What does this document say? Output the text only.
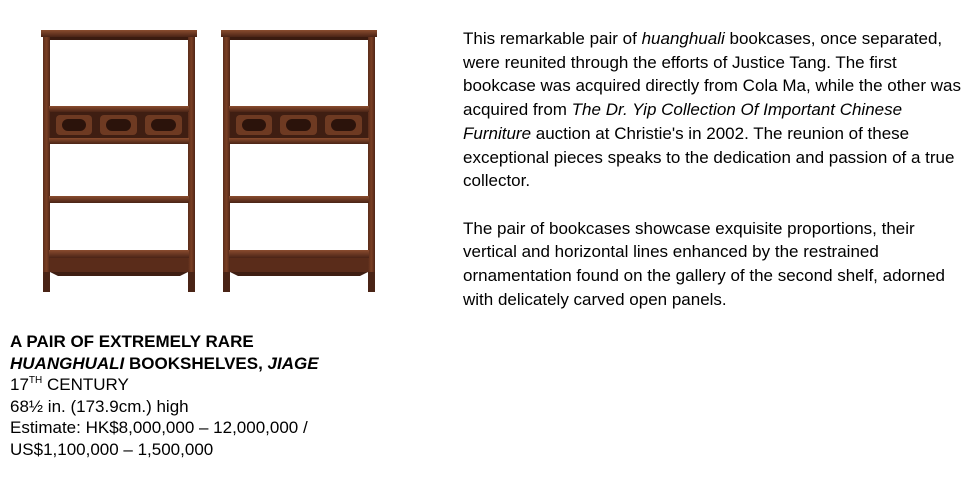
A PAIR OF EXTREMELY RARE
HUANGHUALI BOOKSHELVES, JIAGE
17TH CENTURY
68½ in. (173.9cm.) high
Estimate: HK$8,000,000 – 12,000,000 /
US$1,100,000 – 1,500,000

This remarkable pair of huanghuali bookcases, once separated, were reunited through the efforts of Justice Tang. The first bookcase was acquired directly from Cola Ma, while the other was acquired from The Dr. Yip Collection Of Important Chinese Furniture auction at Christie's in 2002. The reunion of these exceptional pieces speaks to the dedication and passion of a true collector.

The pair of bookcases showcase exquisite proportions, their vertical and horizontal lines enhanced by the restrained ornamentation found on the gallery of the second shelf, adorned with delicately carved open panels.
